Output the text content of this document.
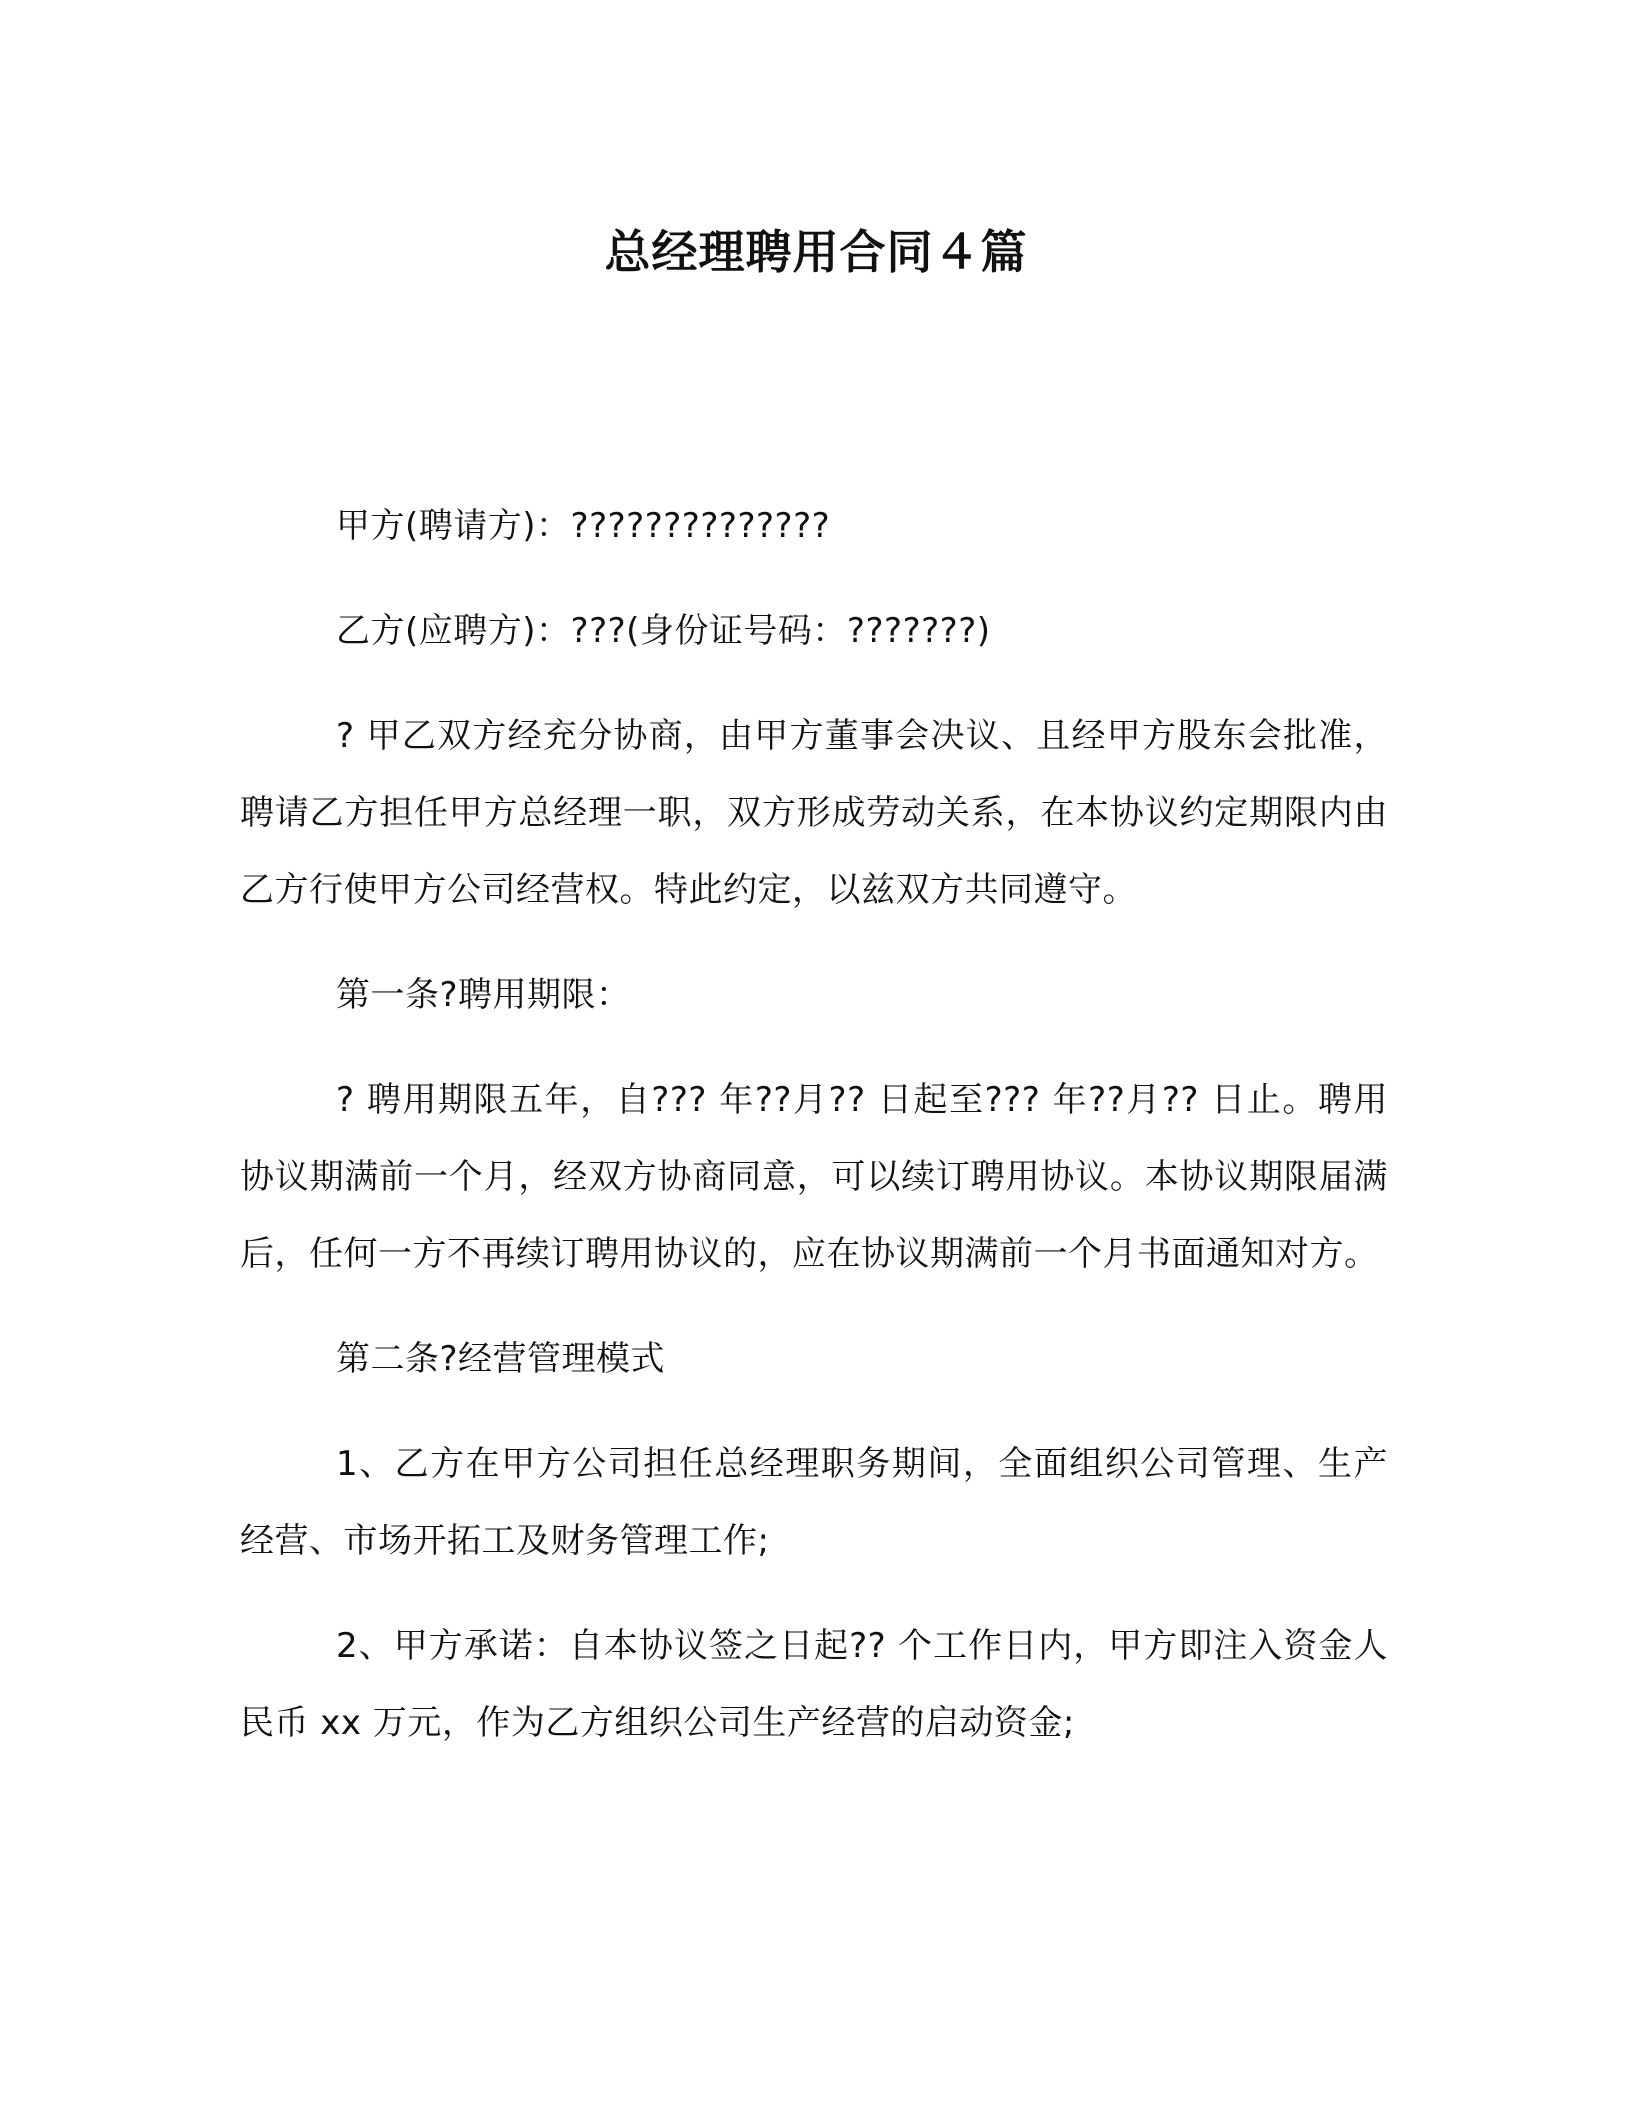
总经理聘用合同４篇

甲方(聘请方)：??????????????

乙方(应聘方)：???(身份证号码：???????)

? 甲乙双方经充分协商，由甲方董事会决议、且经甲方股东会批准，聘请乙方担任甲方总经理一职，双方形成劳动关系，在本协议约定期限内由乙方行使甲方公司经营权。特此约定，以兹双方共同遵守。

第一条?聘用期限：

? 聘用期限五年，自??? 年??月?? 日起至??? 年??月?? 日止。聘用协议期满前一个月，经双方协商同意，可以续订聘用协议。本协议期限届满后，任何一方不再续订聘用协议的，应在协议期满前一个月书面通知对方。

第二条?经营管理模式

1、乙方在甲方公司担任总经理职务期间，全面组织公司管理、生产经营、市场开拓工及财务管理工作;

2、甲方承诺：自本协议签之日起?? 个工作日内，甲方即注入资金人民币 xx 万元，作为乙方组织公司生产经营的启动资金;
